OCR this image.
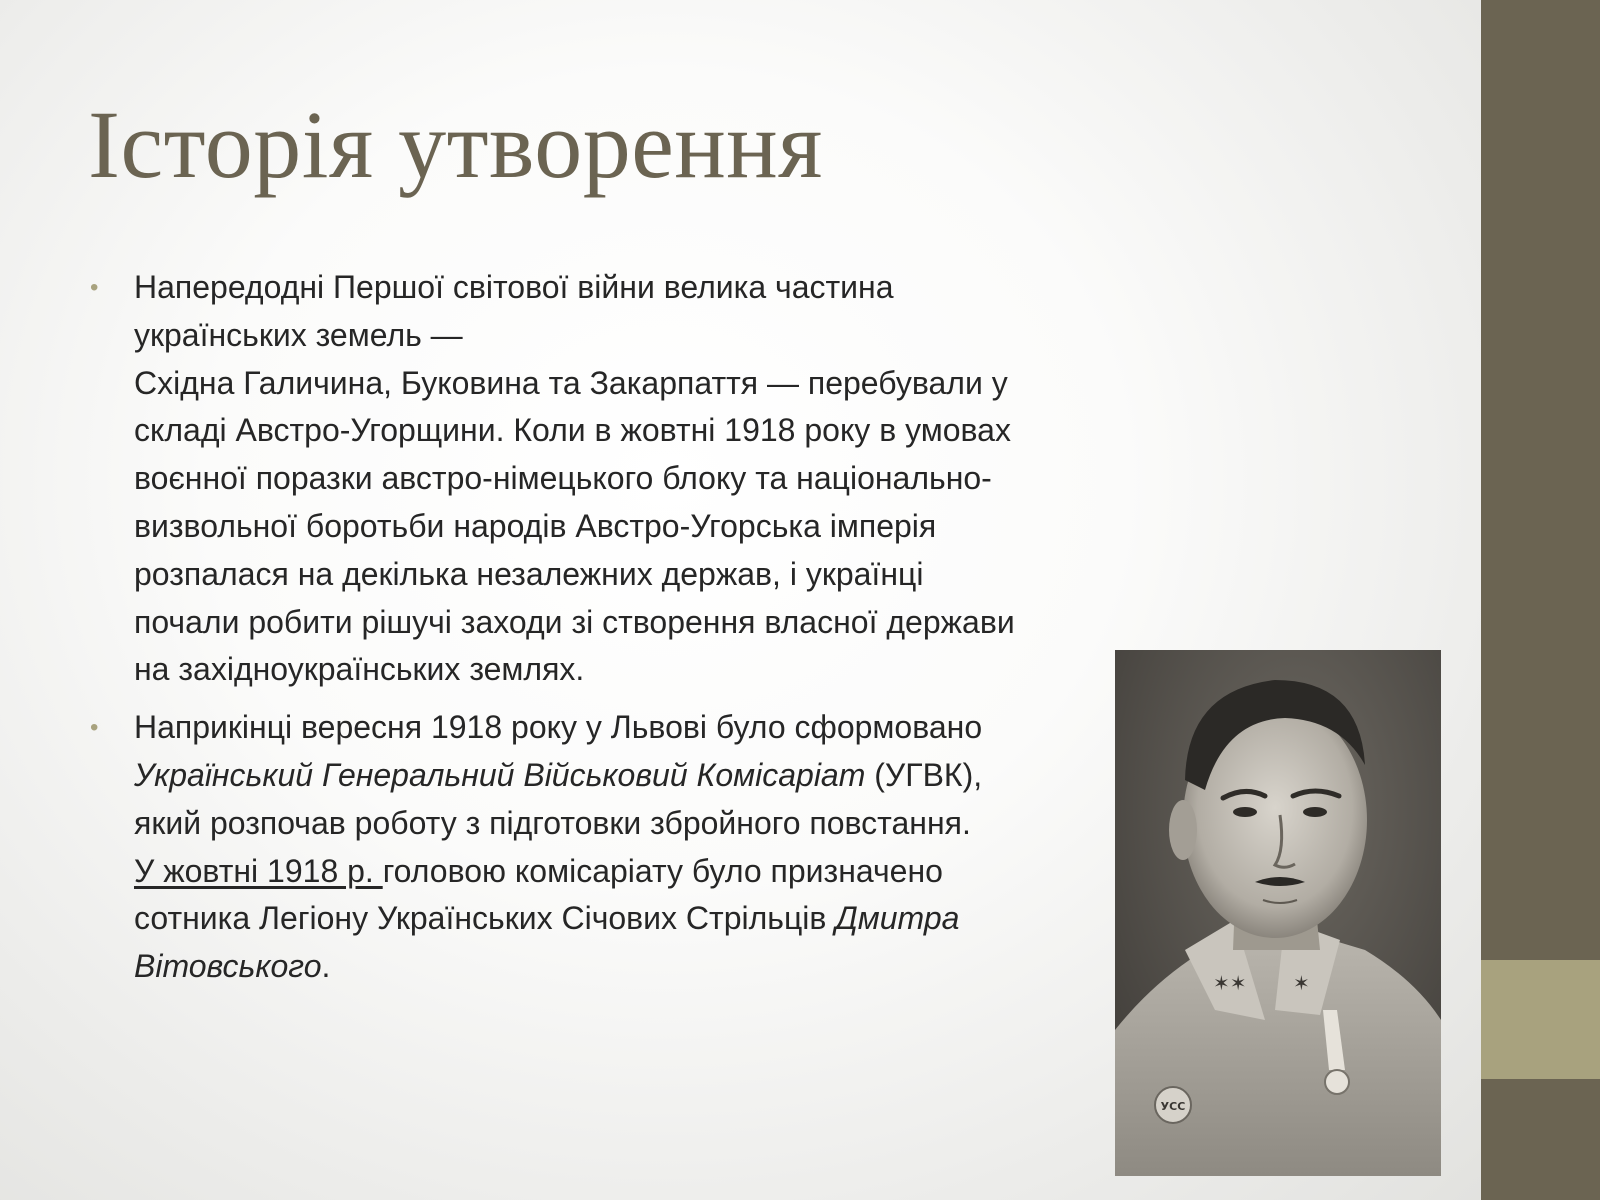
Історія утворення
• Напередодні Першої світової війни велика частина
українських земель —
Східна Галичина, Буковина та Закарпаття — перебували у
складі Австро-Угорщини. Коли в жовтні 1918 року в умовах
воєнної поразки австро-німецького блоку та національно-
визвольної боротьби народів Австро-Угорська імперія
розпалася на декілька незалежних держав, і українці
почали робити рішучі заходи зі створення власної держави
на західноукраїнських землях.
• Наприкінці вересня 1918 року у Львові було сформовано
Український Генеральний Військовий Комісаріат (УГВК),
який розпочав роботу з підготовки збройного повстання.
У жовтні 1918 р. головою комісаріату було призначено
сотника Легіону Українських Січових Стрільців Дмитра
Вітовського.	✶✶ ✶
УСС
